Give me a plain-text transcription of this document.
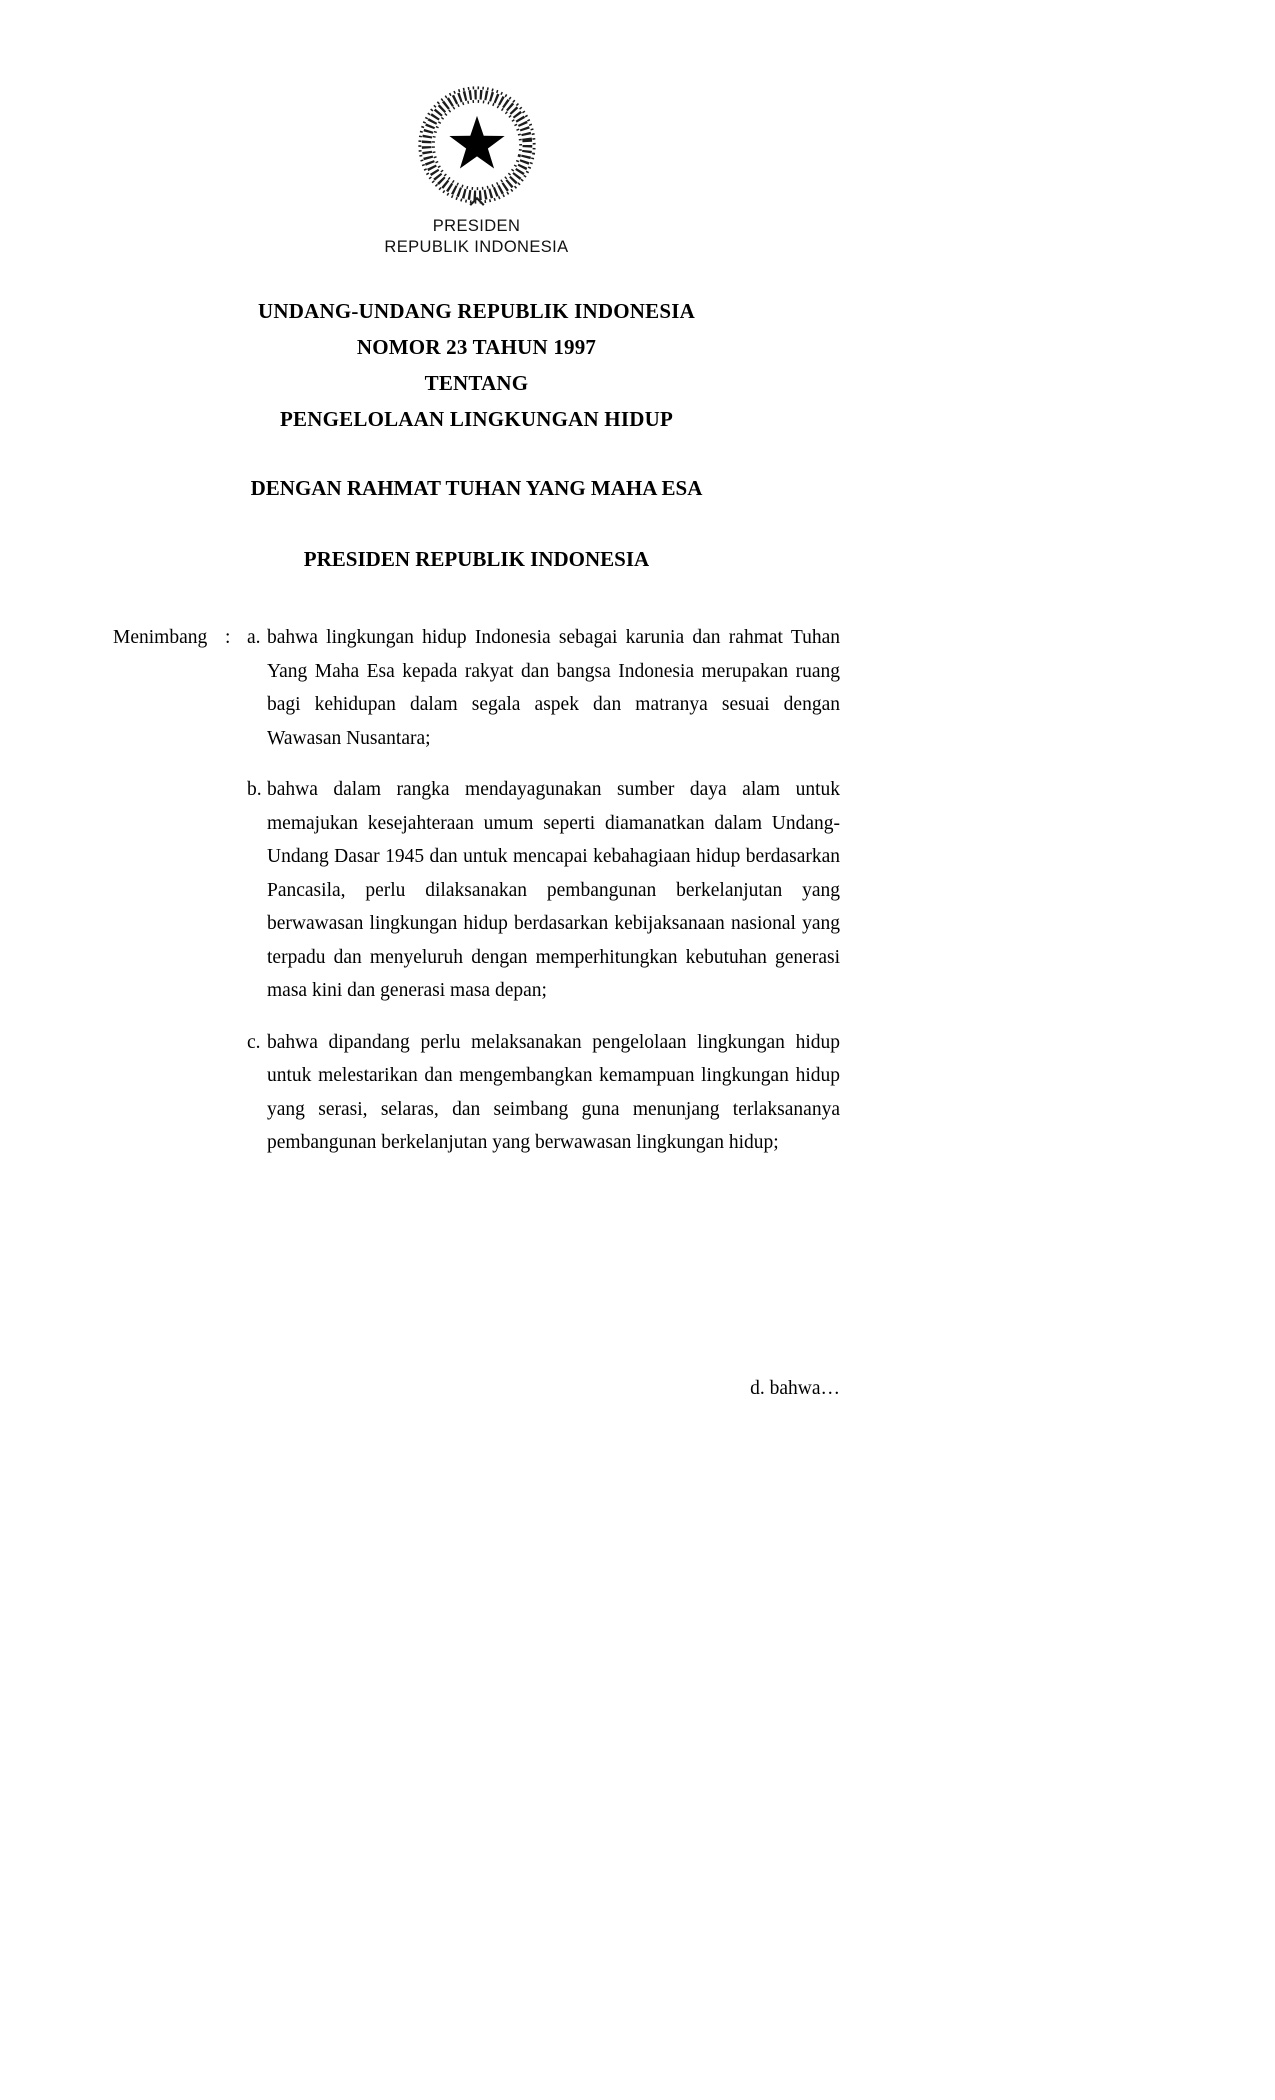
PRESIDEN
REPUBLIK INDONESIA
UNDANG-UNDANG REPUBLIK INDONESIA
NOMOR 23 TAHUN 1997
TENTANG
PENGELOLAAN LINGKUNGAN HIDUP
DENGAN RAHMAT TUHAN YANG MAHA ESA
PRESIDEN REPUBLIK INDONESIA
Menimbang : a. bahwa lingkungan hidup Indonesia sebagai karunia dan rahmat Tuhan Yang Maha Esa kepada rakyat dan bangsa Indonesia merupakan ruang bagi kehidupan dalam segala aspek dan matranya sesuai dengan Wawasan Nusantara;
b. bahwa dalam rangka mendayagunakan sumber daya alam untuk memajukan kesejahteraan umum seperti diamanatkan dalam Undang-Undang Dasar 1945 dan untuk mencapai kebahagiaan hidup berdasarkan Pancasila, perlu dilaksanakan pembangunan berkelanjutan yang berwawasan lingkungan hidup berdasarkan kebijaksanaan nasional yang terpadu dan menyeluruh dengan memperhitungkan kebutuhan generasi masa kini dan generasi masa depan;
c. bahwa dipandang perlu melaksanakan pengelolaan lingkungan hidup untuk melestarikan dan mengembangkan kemampuan lingkungan hidup yang serasi, selaras, dan seimbang guna menunjang terlaksananya pembangunan berkelanjutan yang berwawasan lingkungan hidup;
d. bahwa…
